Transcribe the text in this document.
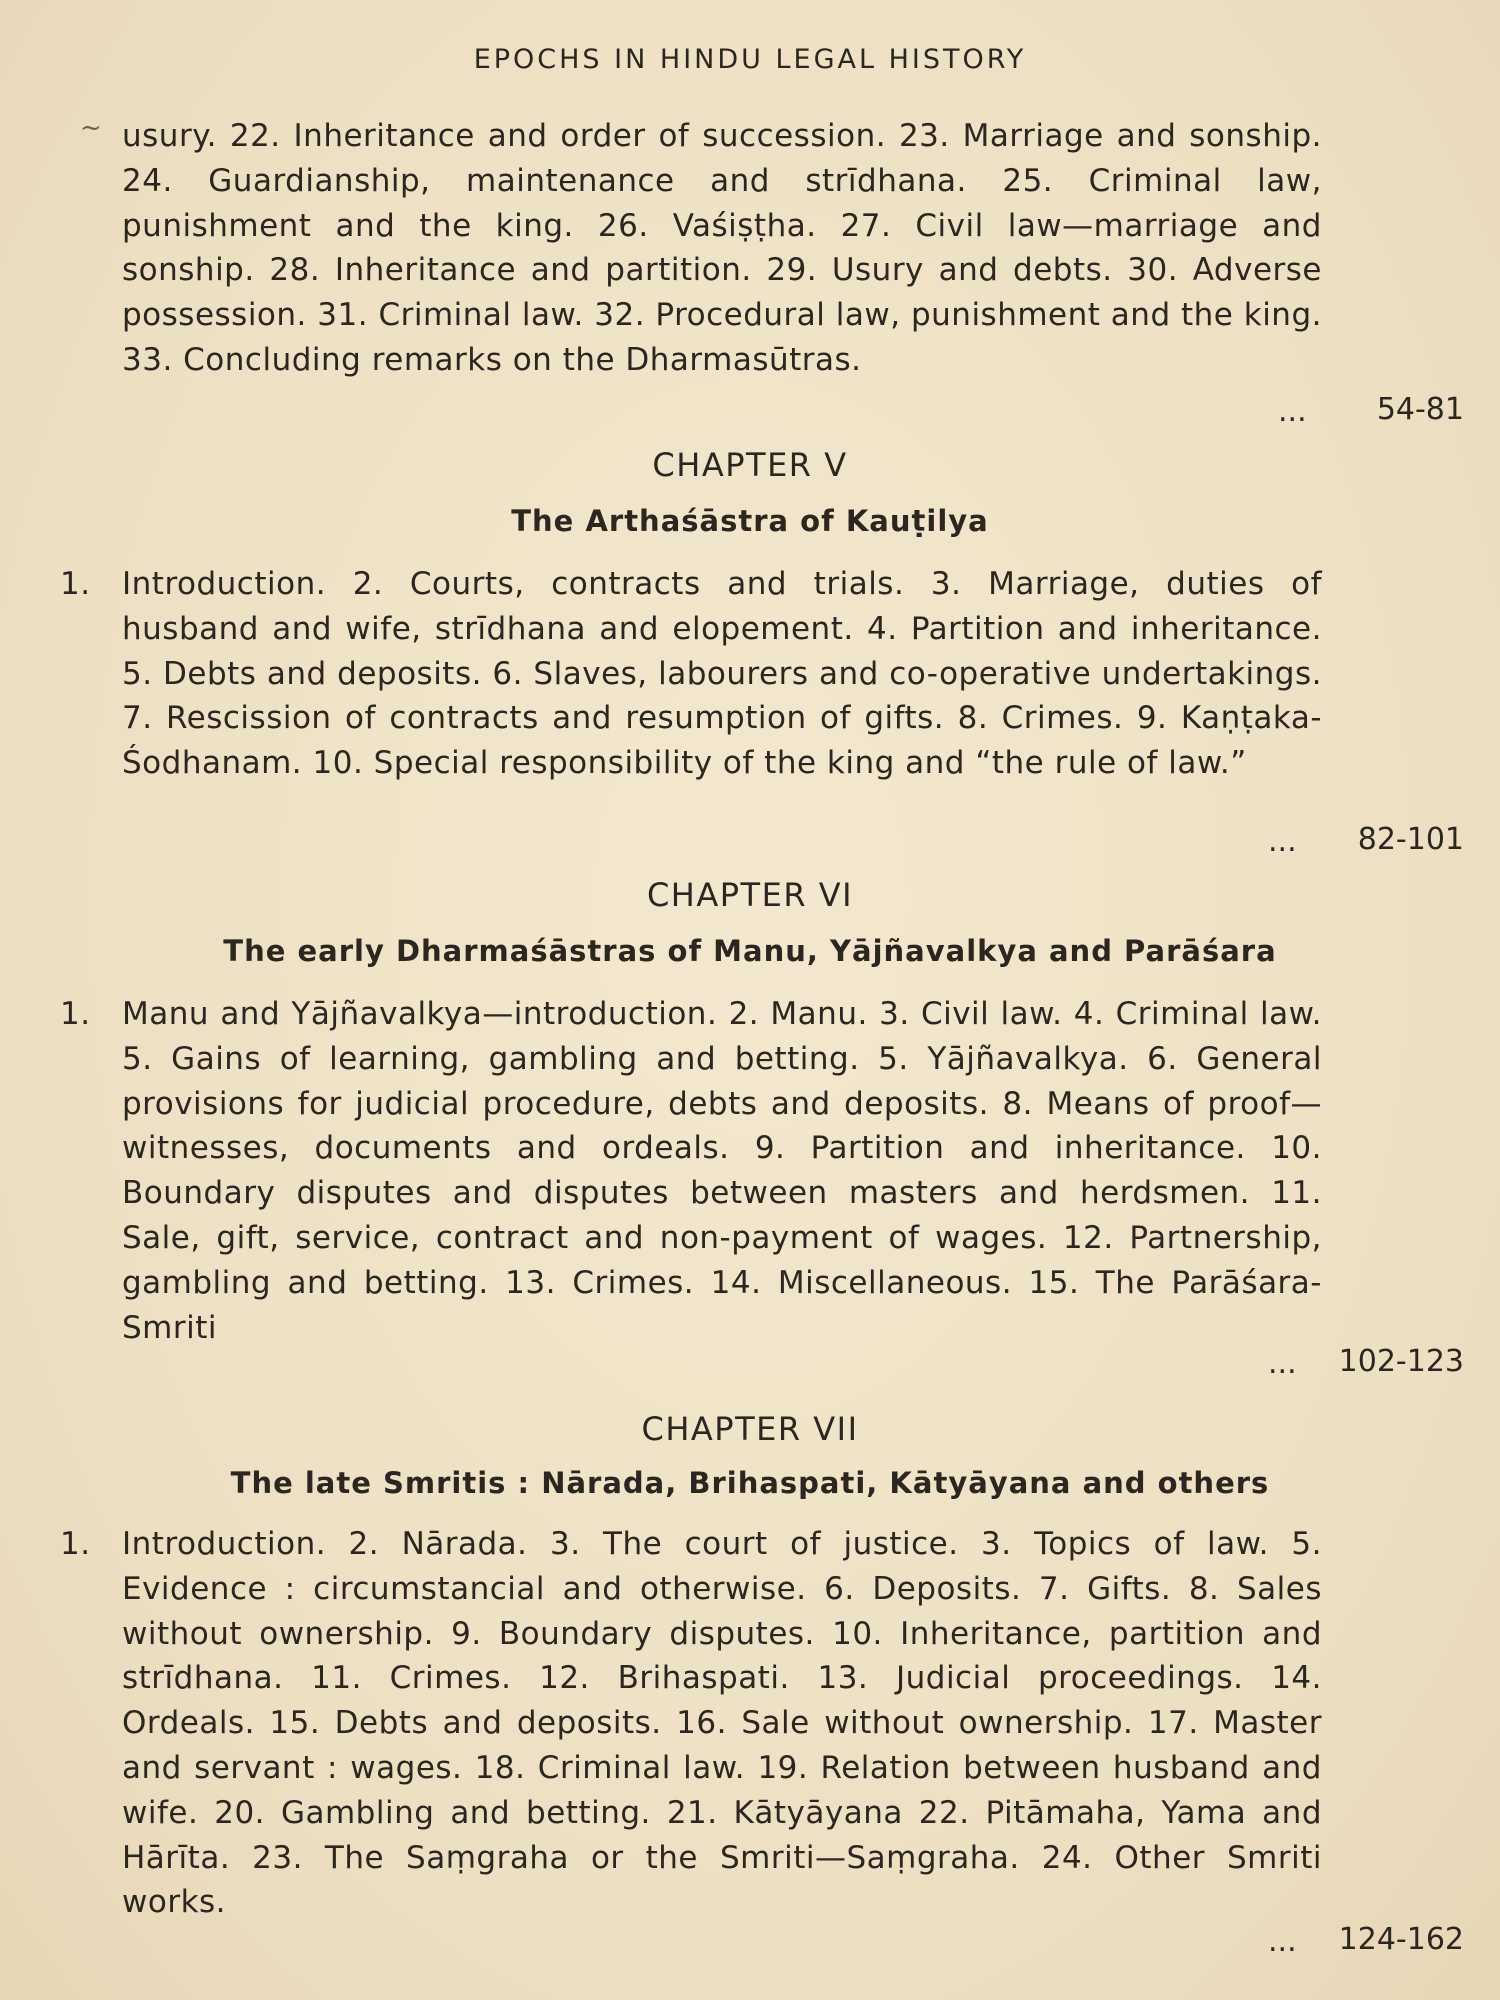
EPOCHS IN HINDU LEGAL HISTORY
~ usury. 22. Inheritance and order of succession. 23. Marriage and sonship. 24. Guardianship, maintenance and strīdhana. 25. Criminal law, punishment and the king. 26. Vaśiṣṭha. 27. Civil law—marriage and sonship. 28. Inheritance and partition. 29. Usury and debts. 30. Adverse possession. 31. Criminal law. 32. Procedural law, punishment and the king. 33. Concluding remarks on the Dharmasūtras.
... 54-81
CHAPTER V
The Arthaśāstra of Kauṭilya
1. Introduction. 2. Courts, contracts and trials. 3. Marriage, duties of husband and wife, strīdhana and elopement. 4. Partition and inheritance. 5. Debts and deposits. 6. Slaves, labourers and co-operative undertakings. 7. Rescission of contracts and resumption of gifts. 8. Crimes. 9. Kaṇṭaka-Śodhanam. 10. Special responsibility of the king and “the rule of law.”
... 82-101
CHAPTER VI
The early Dharmaśāstras of Manu, Yājñavalkya and Parāśara
1. Manu and Yājñavalkya—introduction. 2. Manu. 3. Civil law. 4. Criminal law. 5. Gains of learning, gambling and betting. 5. Yājñavalkya. 6. General provisions for judicial procedure, debts and deposits. 8. Means of proof—witnesses, documents and ordeals. 9. Partition and inheritance. 10. Boundary disputes and disputes between masters and herdsmen. 11. Sale, gift, service, contract and non-payment of wages. 12. Partnership, gambling and betting. 13. Crimes. 14. Miscellaneous. 15. The Parāśara-Smriti
... 102-123
CHAPTER VII
The late Smritis : Nārada, Brihaspati, Kātyāyana and others
1. Introduction. 2. Nārada. 3. The court of justice. 3. Topics of law. 5. Evidence : circumstancial and otherwise. 6. Deposits. 7. Gifts. 8. Sales without ownership. 9. Boundary disputes. 10. Inheritance, partition and strīdhana. 11. Crimes. 12. Brihaspati. 13. Judicial proceedings. 14. Ordeals. 15. Debts and deposits. 16. Sale without ownership. 17. Master and servant : wages. 18. Criminal law. 19. Relation between husband and wife. 20. Gambling and betting. 21. Kātyāyana 22. Pitāmaha, Yama and Hārīta. 23. The Saṃgraha or the Smriti—Saṃgraha. 24. Other Smriti works.
... 124-162
